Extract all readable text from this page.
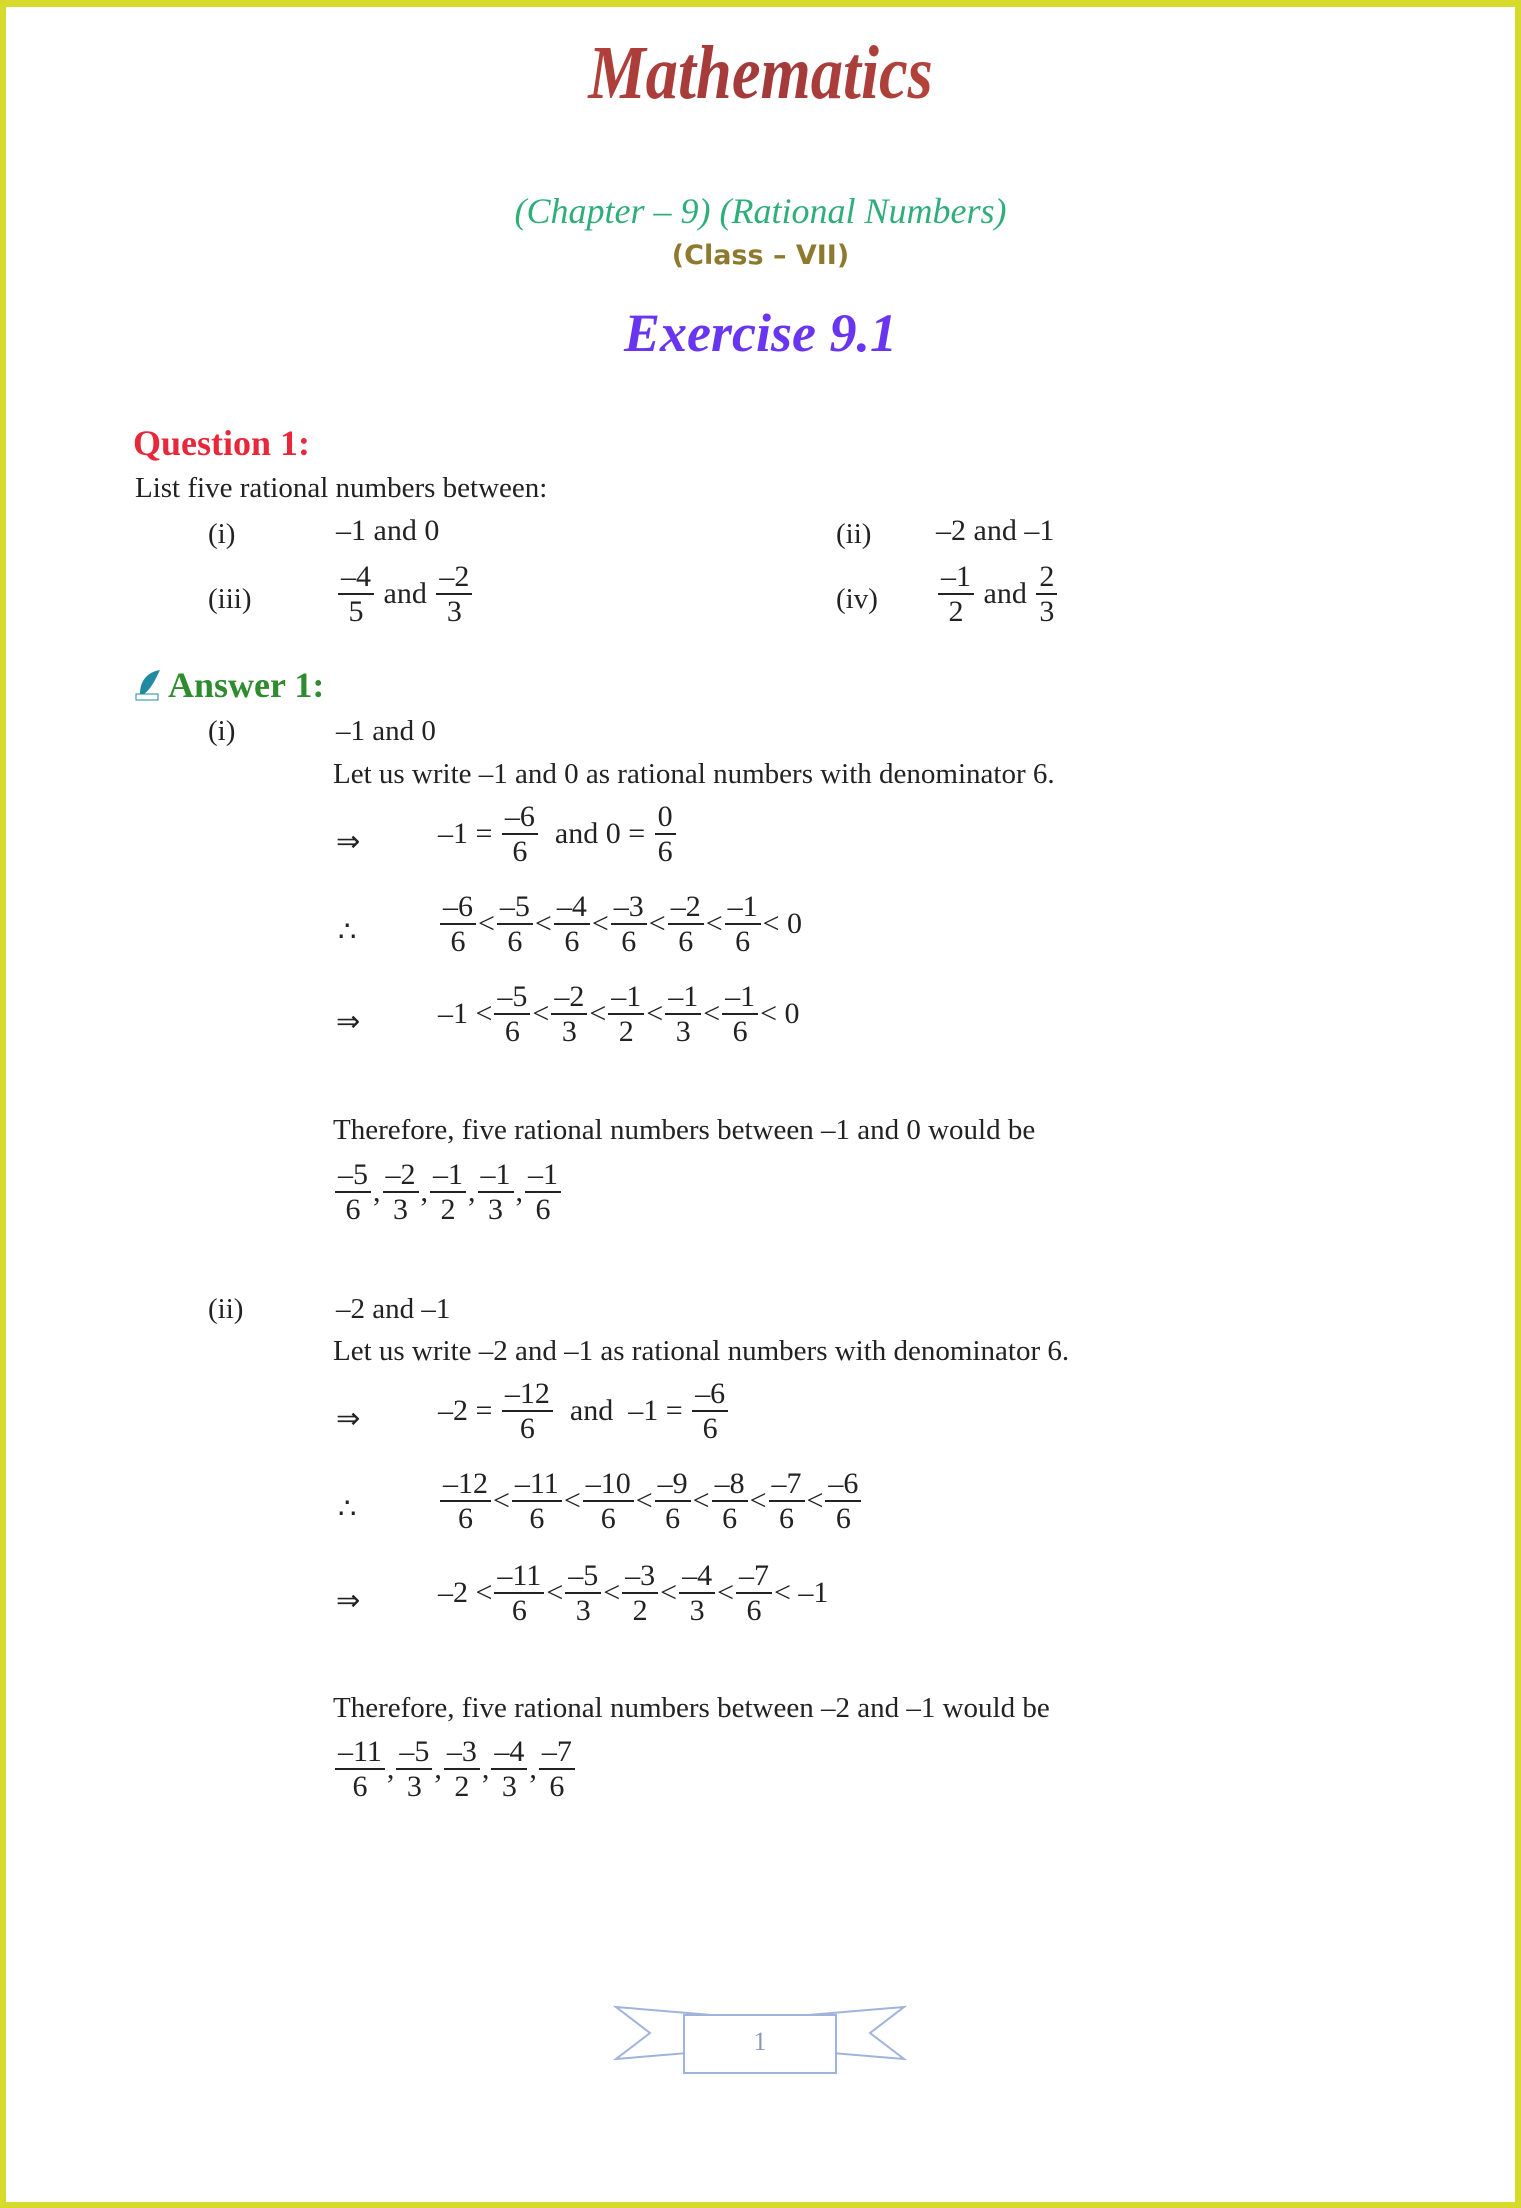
Mathematics
(Chapter – 9) (Rational Numbers)
(Class – VII)
Exercise 9.1
Question 1:
List five rational numbers between:
(i)	–1 and 0	(ii) –2 and –1
(iii)	$\frac{-4}{5}$ and $\frac{-2}{3}$	$(iv) \frac{-1}{2}$ and $\frac{2}{3}$
Answer 1:
(i)	–1 and 0
Let us write –1 and 0 as rational numbers with denominator 6.
⇒	$-1 = \frac{-6}{6}$ and $0 = \frac{0}{6}$
∴	$\frac{-6}{6} < \frac{-5}{6} < \frac{-4}{6} < \frac{-3}{6} < \frac{-2}{6} < \frac{-1}{6} < 0$
⇒	$-1 < \frac{-5}{6} < \frac{-2}{3} < \frac{-1}{2} < \frac{-1}{3} < \frac{-1}{6} < 0$
Therefore, five rational numbers between –1 and 0 would be
$\frac{-5}{6}$ , $\frac{-2}{3}$ , $\frac{-1}{2}$ , $\frac{-1}{3}$ , $\frac{-1}{6}$
(ii)	–2 and –1
Let us write –2 and –1 as rational numbers with denominator 6.
⇒	$-2 = \frac{-12}{6}$ and  $-1 = \frac{-6}{6}$
∴	$\frac{-12}{6} < \frac{-11}{6} < \frac{-10}{6} < \frac{-9}{6} < \frac{-8}{6} < \frac{-7}{6} < \frac{-6}{6}$
⇒	$-2 < \frac{-11}{6} < \frac{-5}{3} < \frac{-3}{2} < \frac{-4}{3} < \frac{-7}{6} < -1$
Therefore, five rational numbers between –2 and –1 would be
$\frac{-11}{6}$ , $\frac{-5}{3}$ , $\frac{-3}{2}$ , $\frac{-4}{3}$ , $\frac{-7}{6}$
1
